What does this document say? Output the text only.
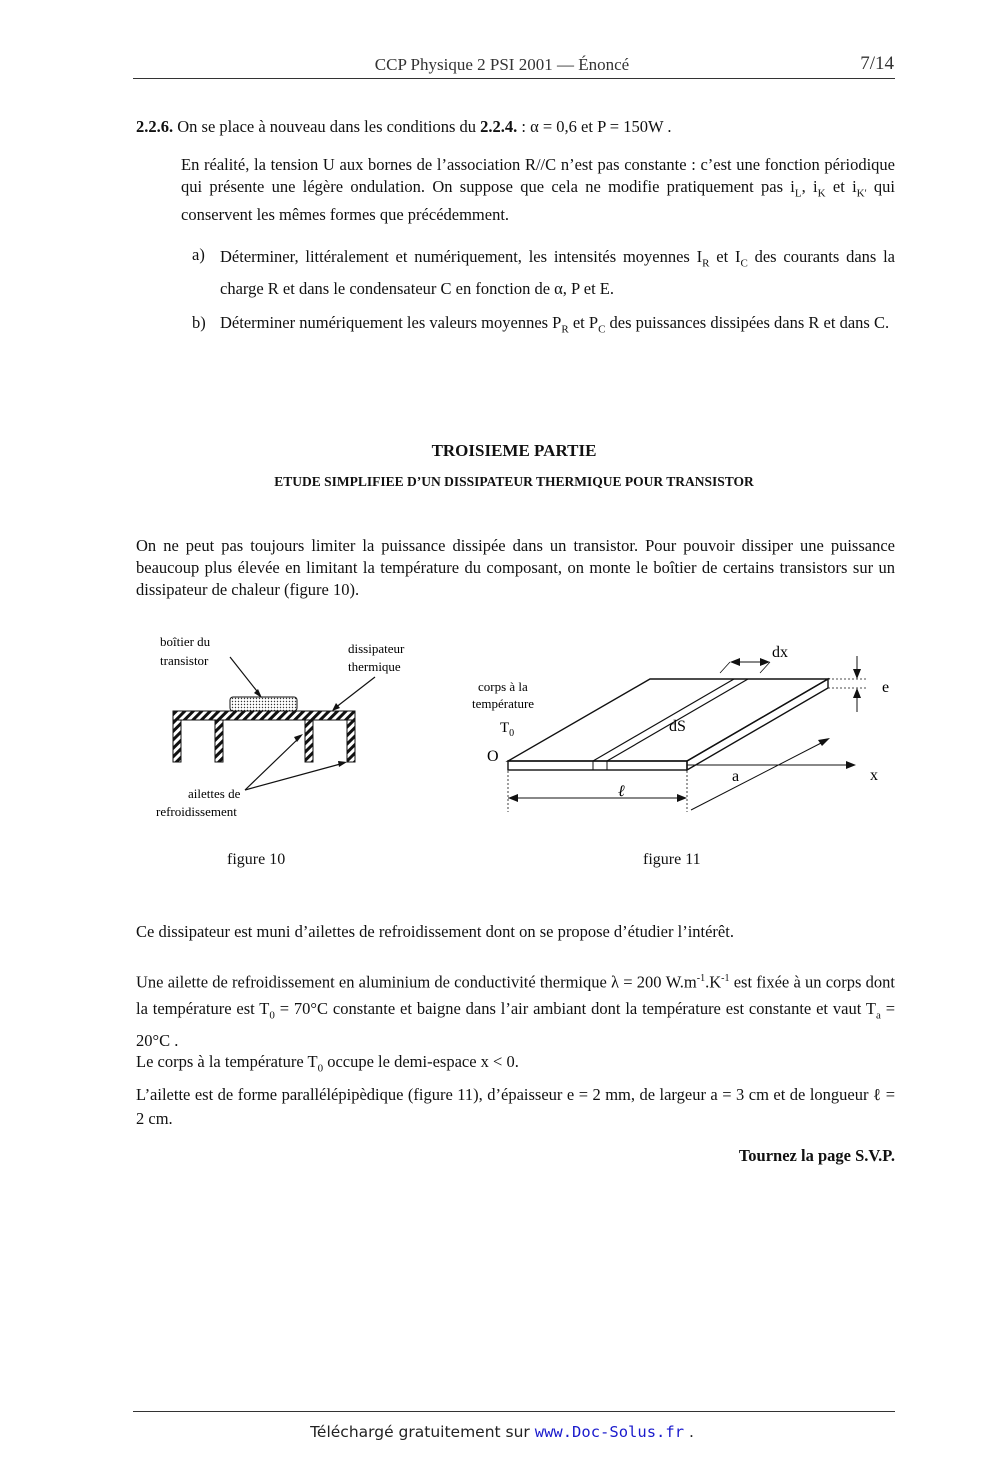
CCP Physique 2 PSI 2001 — Énoncé	7/14
2.2.6. On se place à nouveau dans les conditions du 2.2.4. : α = 0,6 et P = 150W .
En réalité, la tension U aux bornes de l’association R//C n’est pas constante : c’est une fonction périodique qui présente une légère ondulation. On suppose que cela ne modifie pratiquement pas $i_L$, $i_K$ et $i_{K'}$ qui conservent les mêmes formes que précédemment.
a) Déterminer, littéralement et numériquement, les intensités moyennes $I_R$ et $I_C$ des courants dans la charge R et dans le condensateur C en fonction de α, P et E.
b) Déterminer numériquement les valeurs moyennes $P_R$ et $P_C$ des puissances dissipées dans R et dans C.
TROISIEME PARTIE
ETUDE SIMPLIFIEE D’UN DISSIPATEUR THERMIQUE POUR TRANSISTOR
On ne peut pas toujours limiter la puissance dissipée dans un transistor. Pour pouvoir dissiper une puissance beaucoup plus élevée en limitant la température du composant, on monte le boîtier de certains transistors sur un dissipateur de chaleur (figure 10).
boîtier du
transistor
dissipateur
thermique
ailettes de
refroidissement
figure 10
corps à la
température
$T_0$
O
dx
dS
e
a	x
ℓ
figure 11
Ce dissipateur est muni d’ailettes de refroidissement dont on se propose d’étudier l’intérêt.
Une ailette de refroidissement en aluminium de conductivité thermique λ = 200 $W.m^{-1}.K^{-1}$ est fixée à un corps dont la température est $T_0 = 70^\circ C$ constante et baigne dans l’air ambiant dont la température est constante et vaut $T_a = 20^\circ C$ .
Le corps à la température $T_0$ occupe le demi-espace x < 0.
L’ailette est de forme parallélépipèdique (figure 11), d’épaisseur e = 2 mm, de largeur a = 3 cm et de longueur ℓ = 2 cm.
Tournez la page S.V.P.
Téléchargé gratuitement sur www.Doc-Solus.fr .
